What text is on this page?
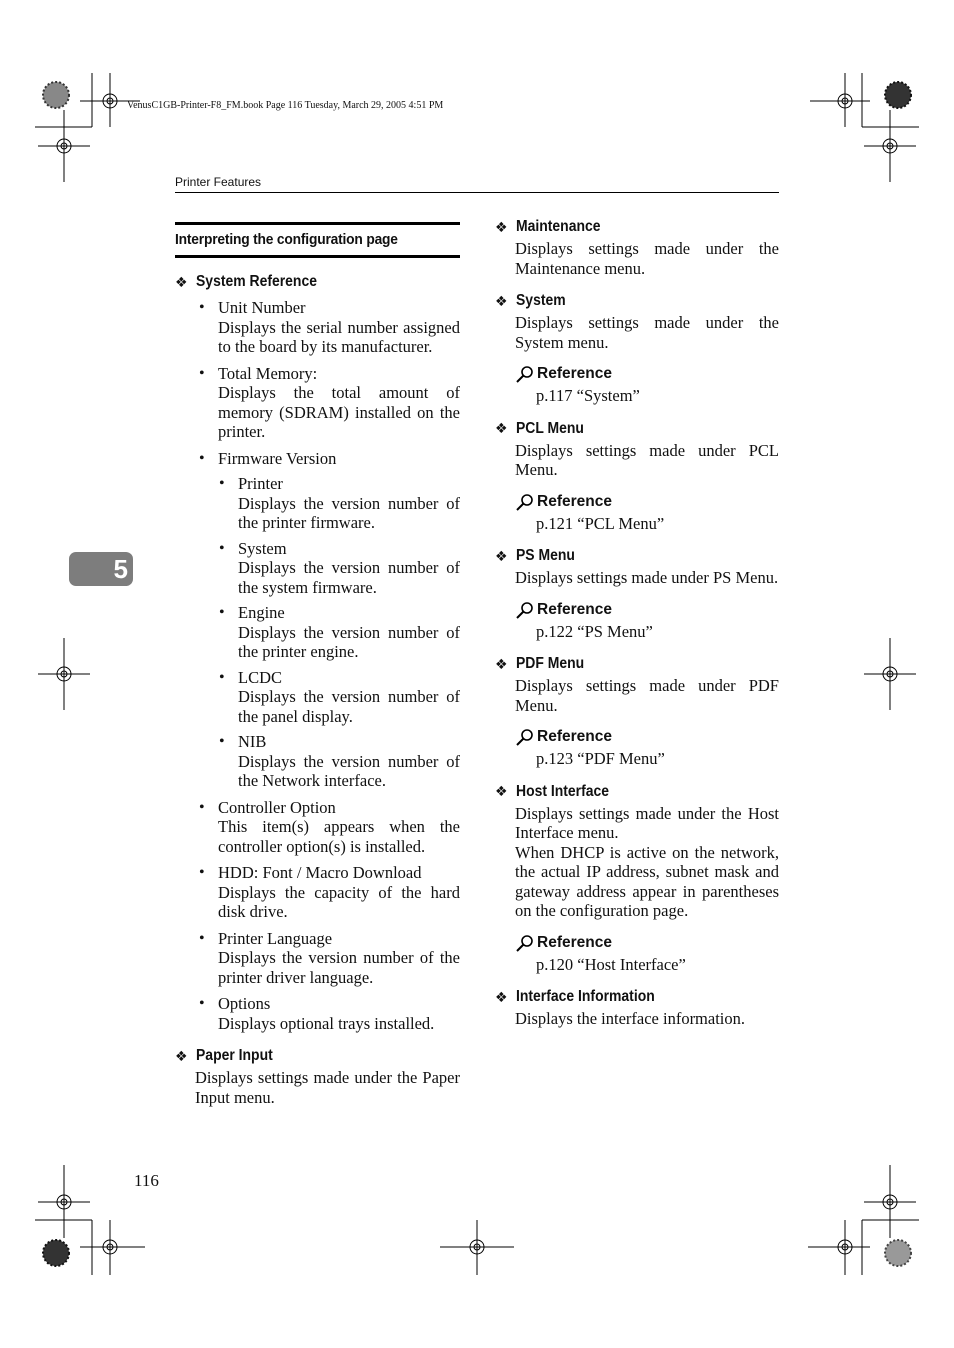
VenusC1GB-Printer-F8_FM.book Page 116 Tuesday, March 29, 2005 4:51 PM
Printer Features
5
Interpreting the configuration page
❖ System Reference
• Unit Number
Displays the serial number assigned to the board by its manufacturer.
• Total Memory:
Displays the total amount of memory (SDRAM) installed on the printer.
• Firmware Version
• Printer
Displays the version number of the printer firmware.
• System
Displays the version number of the system firmware.
• Engine
Displays the version number of the printer engine.
• LCDC
Displays the version number of the panel display.
• NIB
Displays the version number of the Network interface.
• Controller Option
This item(s) appears when the controller option(s) is installed.
• HDD: Font / Macro Download
Displays the capacity of the hard disk drive.
• Printer Language
Displays the version number of the printer driver language.
• Options
Displays optional trays installed.
❖ Paper Input
Displays settings made under the Paper Input menu.
❖ Maintenance
Displays settings made under the Maintenance menu.
❖ System
Displays settings made under the System menu.
Reference
p.117 “System”
❖ PCL Menu
Displays settings made under PCL Menu.
Reference
p.121 “PCL Menu”
❖ PS Menu
Displays settings made under PS Menu.
Reference
p.122 “PS Menu”
❖ PDF Menu
Displays settings made under PDF Menu.
Reference
p.123 “PDF Menu”
❖ Host Interface
Displays settings made under the Host Interface menu.
When DHCP is active on the network, the actual IP address, subnet mask and gateway address appear in parentheses on the configuration page.
Reference
p.120 “Host Interface”
❖ Interface Information
Displays the interface information.
116
